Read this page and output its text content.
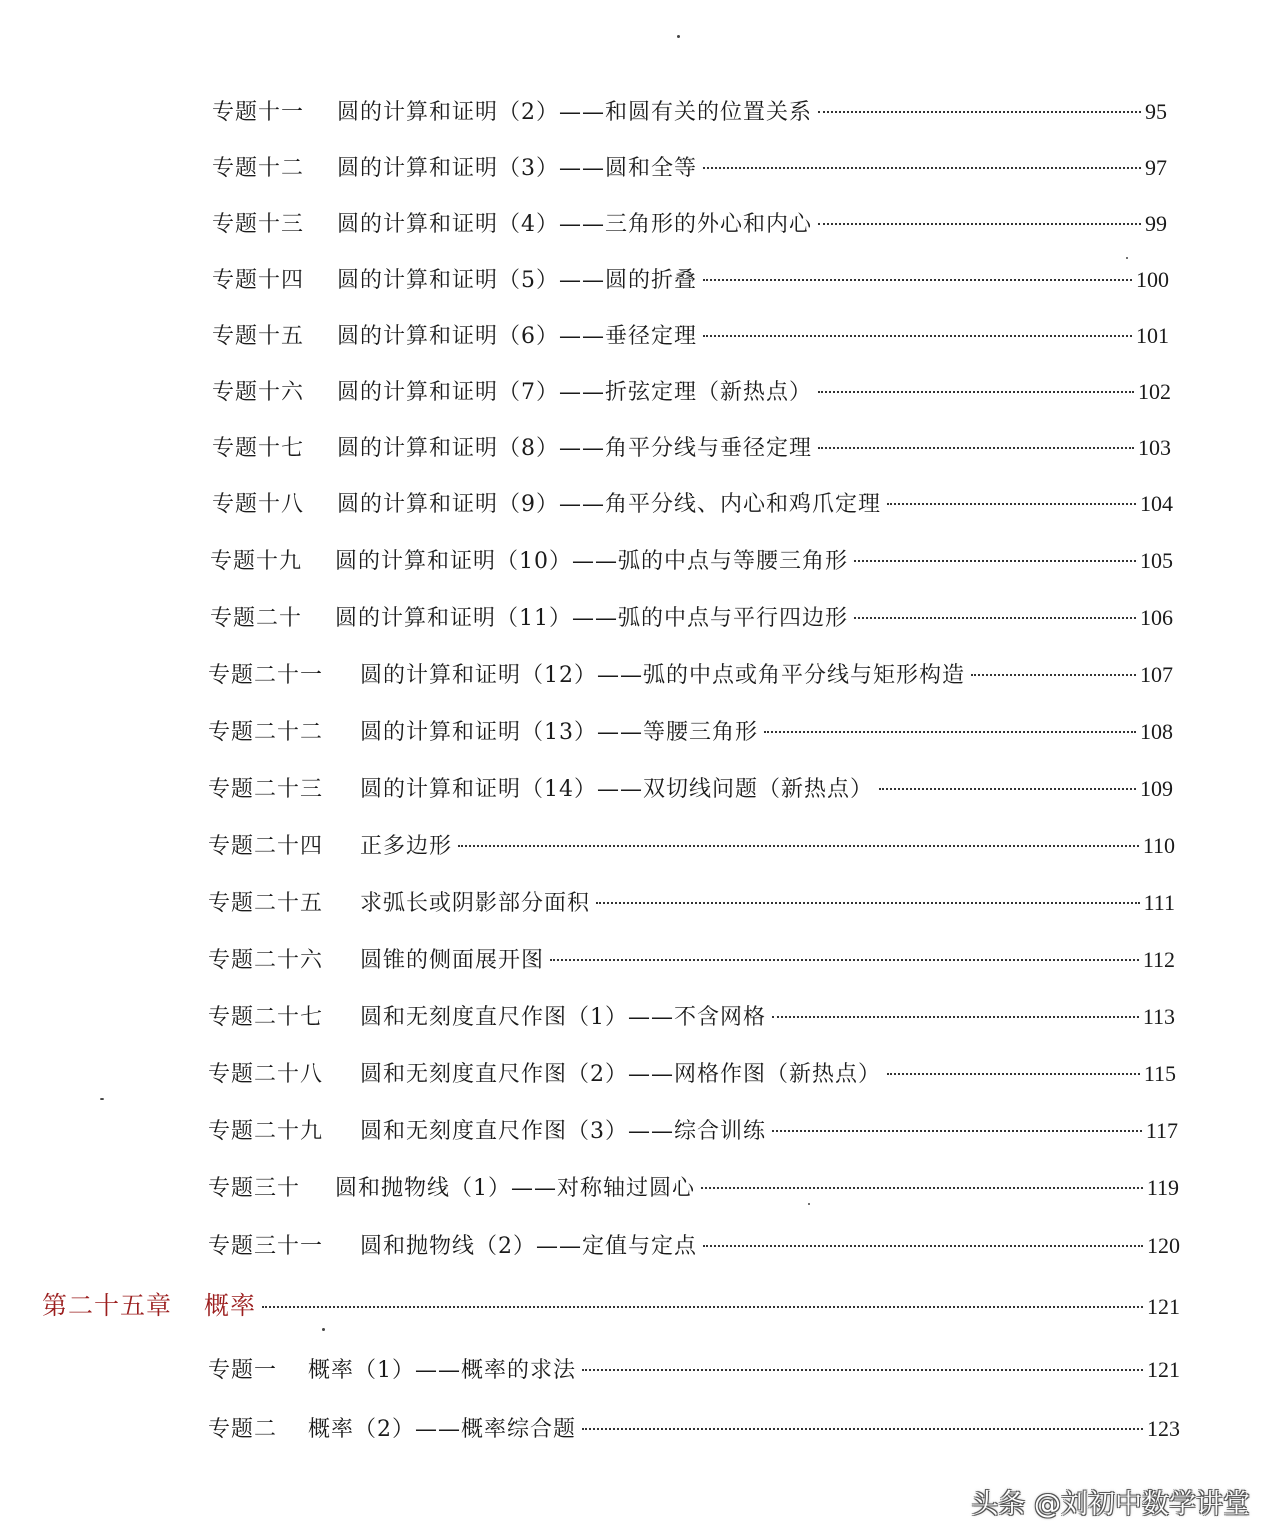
专题十一	圆的计算和证明（2）——和圆有关的位置关系	95
专题十二	圆的计算和证明（3）——圆和全等	97
专题十三	圆的计算和证明（4）——三角形的外心和内心	99
专题十四	圆的计算和证明（5）——圆的折叠	100
专题十五	圆的计算和证明（6）——垂径定理	101
专题十六	圆的计算和证明（7）——折弦定理（新热点）	102
专题十七	圆的计算和证明（8）——角平分线与垂径定理	103
专题十八	圆的计算和证明（9）——角平分线、内心和鸡爪定理	104
专题十九	圆的计算和证明（10）——弧的中点与等腰三角形	105
专题二十	圆的计算和证明（11）——弧的中点与平行四边形	106
专题二十一	圆的计算和证明（12）——弧的中点或角平分线与矩形构造	107
专题二十二	圆的计算和证明（13）——等腰三角形	108
专题二十三	圆的计算和证明（14）——双切线问题（新热点）	109
专题二十四	正多边形	110
专题二十五	求弧长或阴影部分面积	111
专题二十六	圆锥的侧面展开图	112
专题二十七	圆和无刻度直尺作图（1）——不含网格	113
专题二十八	圆和无刻度直尺作图（2）——网格作图（新热点）	115
专题二十九	圆和无刻度直尺作图（3）——综合训练	117
专题三十	圆和抛物线（1）——对称轴过圆心	119
专题三十一	圆和抛物线（2）——定值与定点	120
第二十五章	概率	121
专题一	概率（1）——概率的求法	121
专题二	概率（2）——概率综合题	123
头条 @刘初中数学讲堂
